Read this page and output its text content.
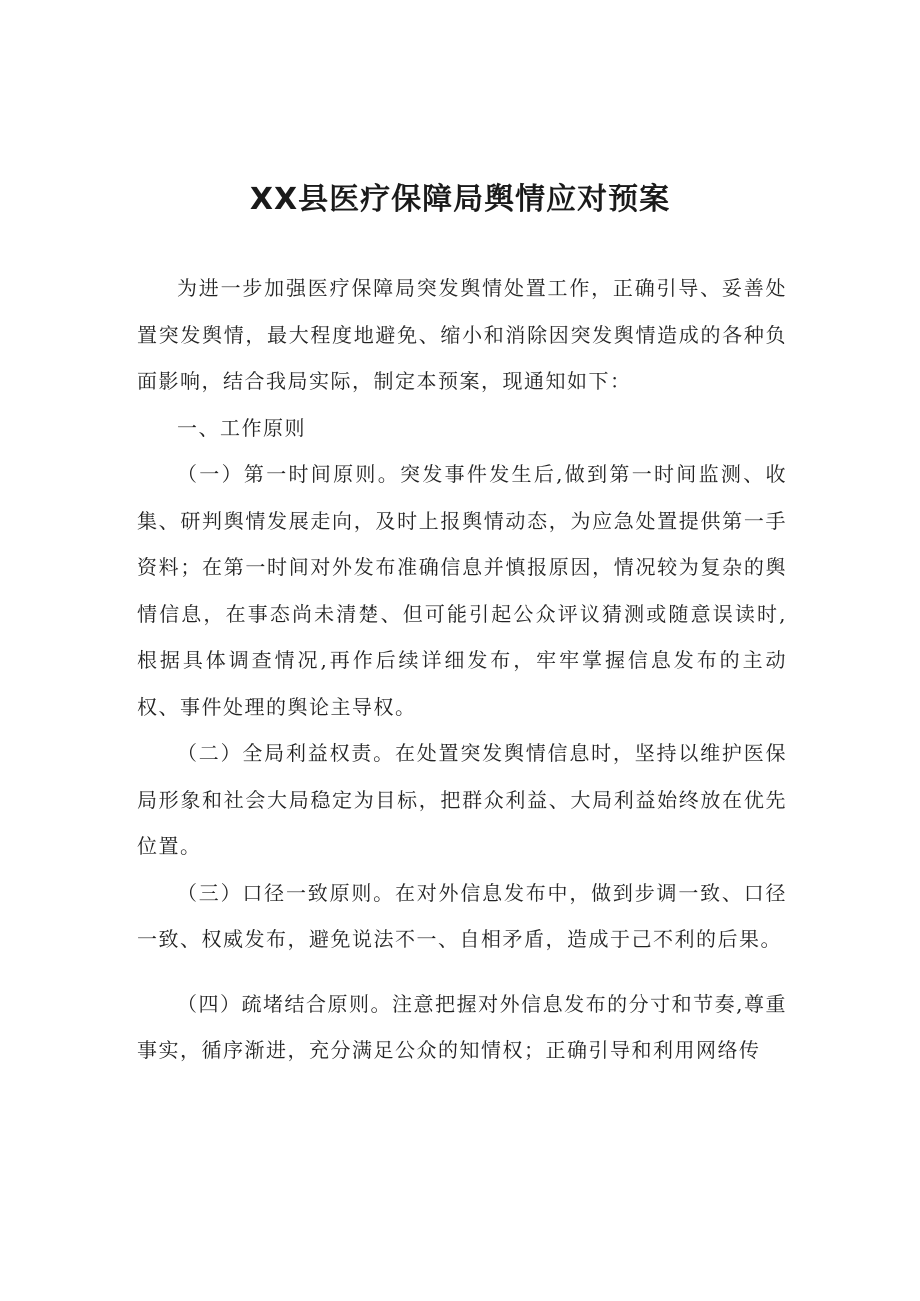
XX县医疗保障局舆情应对预案

为进一步加强医疗保障局突发舆情处置工作，正确引导、妥善处置突发舆情，最大程度地避免、缩小和消除因突发舆情造成的各种负面影响，结合我局实际，制定本预案，现通知如下：

一、工作原则

（一）第一时间原则。突发事件发生后,做到第一时间监测、收集、研判舆情发展走向，及时上报舆情动态，为应急处置提供第一手资料；在第一时间对外发布准确信息并慎报原因，情况较为复杂的舆情信息，在事态尚未清楚、但可能引起公众评议猜测或随意误读时,根据具体调查情况,再作后续详细发布，牢牢掌握信息发布的主动权、事件处理的舆论主导权。

（二）全局利益权责。在处置突发舆情信息时，坚持以维护医保局形象和社会大局稳定为目标，把群众利益、大局利益始终放在优先位置。

（三）口径一致原则。在对外信息发布中，做到步调一致、口径一致、权威发布，避免说法不一、自相矛盾，造成于己不利的后果。

（四）疏堵结合原则。注意把握对外信息发布的分寸和节奏,尊重事实，循序渐进，充分满足公众的知情权；正确引导和利用网络传
